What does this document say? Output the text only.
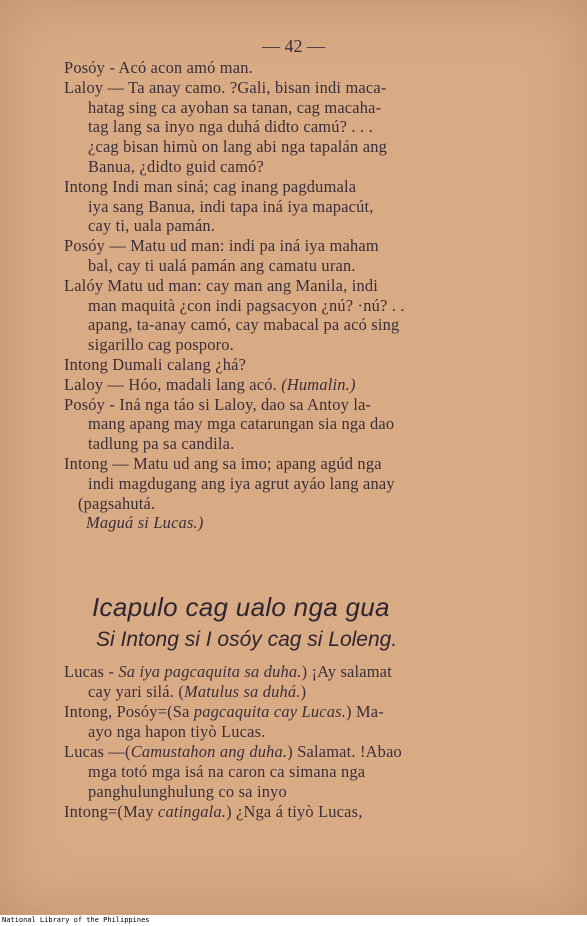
— 42 —
Posóy - Acó acon amó man.
Laloy — Ta anay camo. ?Gali, bisan indi maca-
hatag sing ca ayohan sa tanan, cag macaha-
tag lang sa inyo nga duhá didto camú? . . .
¿cag bisan himù on lang abi nga tapalán ang
Banua, ¿didto guid camó?
Intong Indi man siná; cag inang pagdumala
iya sang Banua, indi tapa iná iya mapacút,
cay ti, uala pamán.
Posóy — Matu ud man: indi pa iná iya maham
bal, cay ti ualá pamán ang camatu uran.
Lalóy Matu ud man: cay man ang Manila, indi
man maquità ¿con indi pagsacyon ¿nú? ·nú? . .
apang, ta-anay camó, cay mabacal pa acó sing
sigarillo cag posporo.
Intong Dumali calang ¿há?
Laloy — Hóo, madali lang acó. (Humalin.)
Posóy - Iná nga táo si Laloy, dao sa Antoy la-
mang apang may mga catarungan sia nga dao
tadlung pa sa candila.
Intong — Matu ud ang sa imo; apang agúd nga
indi magdugang ang iya agrut ayáo lang anay
(pagsahutá.
Maguá si Lucas.)
Icapulo cag ualo nga gua
Si Intong si I osóy cag si Loleng.
Lucas - Sa iya pagcaquita sa duha.) ¡Ay salamat
cay yari silá. (Matulus sa duhá.)
Intong, Posóy=(Sa pagcaquita cay Lucas.) Ma-
ayo nga hapon tiyò Lucas.
Lucas —(Camustahon ang duha.) Salamat. !Abao
mga totó mga isá na caron ca simana nga
panghulunghulung co sa inyo
Intong=(May catingala.) ¿Nga á tiyò Lucas,
National Library of the Philippines
